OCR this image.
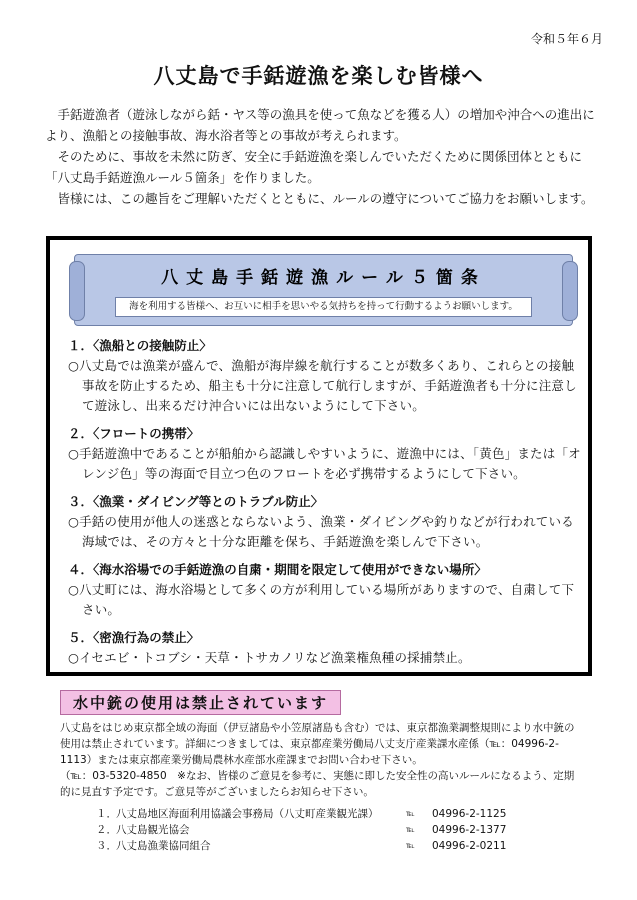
令和５年６月
八丈島で手銛遊漁を楽しむ皆様へ

手銛遊漁者（遊泳しながら銛・ヤス等の漁具を使って魚などを獲る人）の増加や沖合への進出により、漁船との接触事故、海水浴者等との事故が考えられます。

そのために、事故を未然に防ぎ、安全に手銛遊漁を楽しんでいただくために関係団体とともに「八丈島手銛遊漁ルール５箇条」を作りました。

皆様には、この趣旨をご理解いただくとともに、ルールの遵守についてご協力をお願いします。

八丈島手銛遊漁ルール５箇条
海を利用する皆様へ、お互いに相手を思いやる気持ちを持って行動するようお願いします。
１．〈漁船との接触防止〉
○八丈島では漁業が盛んで、漁船が海岸線を航行することが数多くあり、これらとの接触事故を防止するため、船主も十分に注意して航行しますが、手銛遊漁者も十分に注意して遊泳し、出来るだけ沖合いには出ないようにして下さい。
２．〈フロートの携帯〉
○手銛遊漁中であることが船舶から認識しやすいように、遊漁中には、「黄色」または「オレンジ色」等の海面で目立つ色のフロートを必ず携帯するようにして下さい。
３．〈漁業・ダイビング等とのトラブル防止〉
○手銛の使用が他人の迷惑とならないよう、漁業・ダイビングや釣りなどが行われている海域では、その方々と十分な距離を保ち、手銛遊漁を楽しんで下さい。
４．〈海水浴場での手銛遊漁の自粛・期間を限定して使用ができない場所〉
○八丈町には、海水浴場として多くの方が利用している場所がありますので、自粛して下さい。
５．〈密漁行為の禁止〉
○イセエビ・トコブシ・天草・トサカノリなど漁業権魚種の採捕禁止。
水中銃の使用は禁止されています

八丈島をはじめ東京都全域の海面（伊豆諸島や小笠原諸島も含む）では、東京都漁業調整規則により水中銃の使用は禁止されています。詳細につきましては、東京都産業労働局八丈支庁産業課水産係（℡：04996-2-1113）または東京都産業労働局農林水産部水産課までお問い合わせ下さい。

（℡：03-5320-4850　※なお、皆様のご意見を参考に、実態に即した安全性の高いルールになるよう、定期的に見直す予定です。ご意見等がございましたらお知らせ下さい。

１． 八丈島地区海面利用協議会事務局（八丈町産業観光課）	℡	04996-2-1125
２． 八丈島観光協会	℡	04996-2-1377
３． 八丈島漁業協同組合	℡	04996-2-0211
